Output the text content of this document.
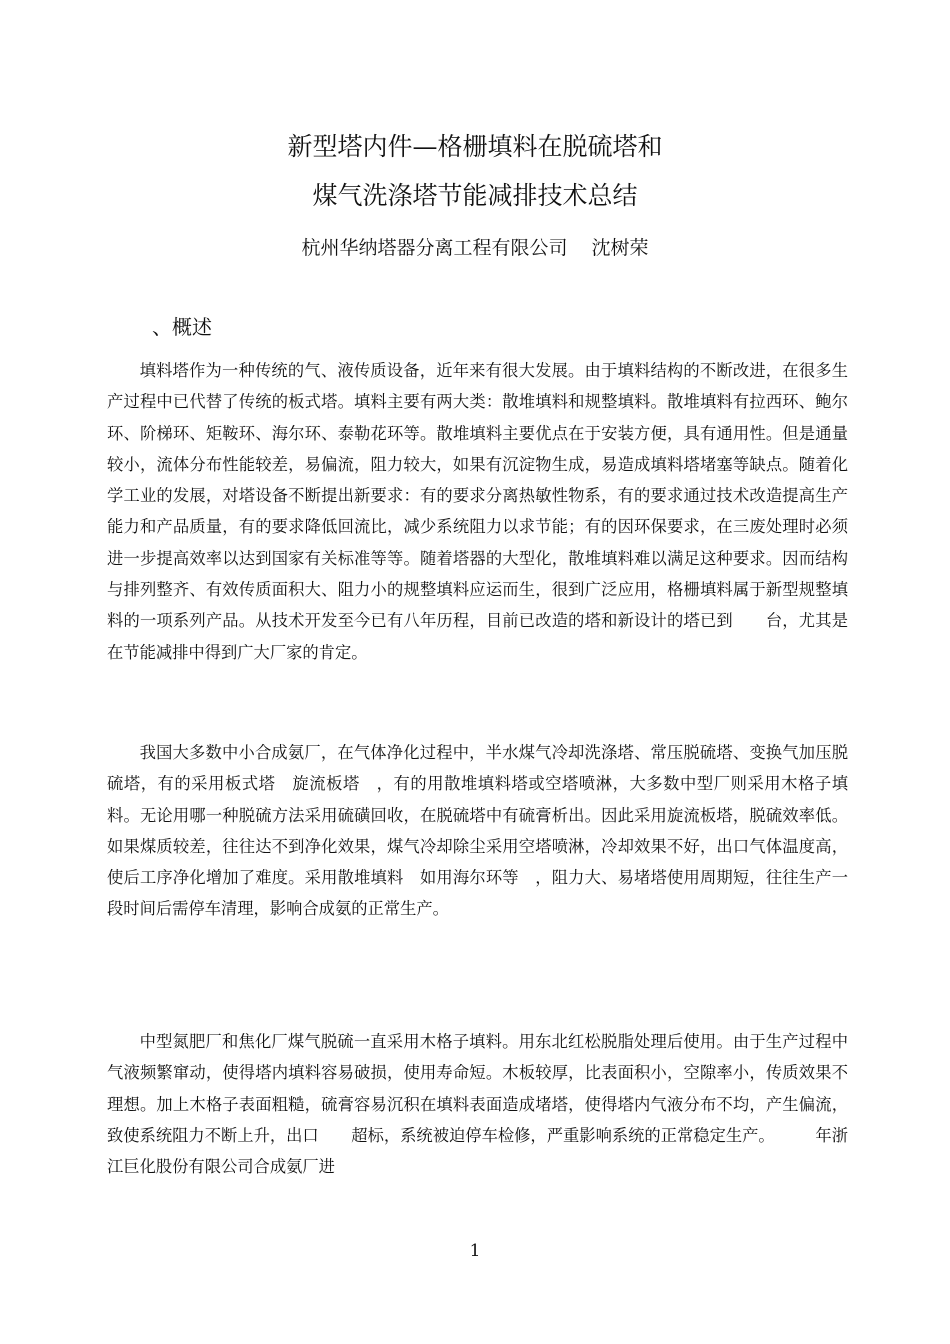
新型塔内件—格栅填料在脱硫塔和
煤气洗涤塔节能减排技术总结
杭州华纳塔器分离工程有限公司 沈树荣
、概述

填料塔作为一种传统的气、液传质设备，近年来有很大发展。由于填料结构的不断改进，在很多生产过程中已代替了传统的板式塔。填料主要有两大类：散堆填料和规整填料。散堆填料有拉西环、鲍尔环、阶梯环、矩鞍环、海尔环、泰勒花环等。散堆填料主要优点在于安装方便，具有通用性。但是通量较小，流体分布性能较差，易偏流，阻力较大，如果有沉淀物生成，易造成填料塔堵塞等缺点。随着化学工业的发展，对塔设备不断提出新要求：有的要求分离热敏性物系，有的要求通过技术改造提高生产能力和产品质量，有的要求降低回流比，减少系统阻力以求节能；有的因环保要求，在三废处理时必须进一步提高效率以达到国家有关标准等等。随着塔器的大型化，散堆填料难以满足这种要求。因而结构与排列整齐、有效传质面积大、阻力小的规整填料应运而生，很到广泛应用，格栅填料属于新型规整填料的一项系列产品。从技术开发至今已有八年历程，目前已改造的塔和新设计的塔已到　　台，尤其是在节能减排中得到广大厂家的肯定。

我国大多数中小合成氨厂，在气体净化过程中，半水煤气冷却洗涤塔、常压脱硫塔、变换气加压脱硫塔，有的采用板式塔　旋流板塔　，有的用散堆填料塔或空塔喷淋，大多数中型厂则采用木格子填料。无论用哪一种脱硫方法采用硫磺回收，在脱硫塔中有硫膏析出。因此采用旋流板塔，脱硫效率低。如果煤质较差，往往达不到净化效果，煤气冷却除尘采用空塔喷淋，冷却效果不好，出口气体温度高，使后工序净化增加了难度。采用散堆填料　如用海尔环等　，阻力大、易堵塔使用周期短，往往生产一段时间后需停车清理，影响合成氨的正常生产。

中型氮肥厂和焦化厂煤气脱硫一直采用木格子填料。用东北红松脱脂处理后使用。由于生产过程中气液频繁窜动，使得塔内填料容易破损，使用寿命短。木板较厚，比表面积小，空隙率小，传质效果不理想。加上木格子表面粗糙，硫膏容易沉积在填料表面造成堵塔，使得塔内气液分布不均，产生偏流，致使系统阻力不断上升，出口　　超标，系统被迫停车检修，严重影响系统的正常稳定生产。　　　年浙江巨化股份有限公司合成氨厂进

1
